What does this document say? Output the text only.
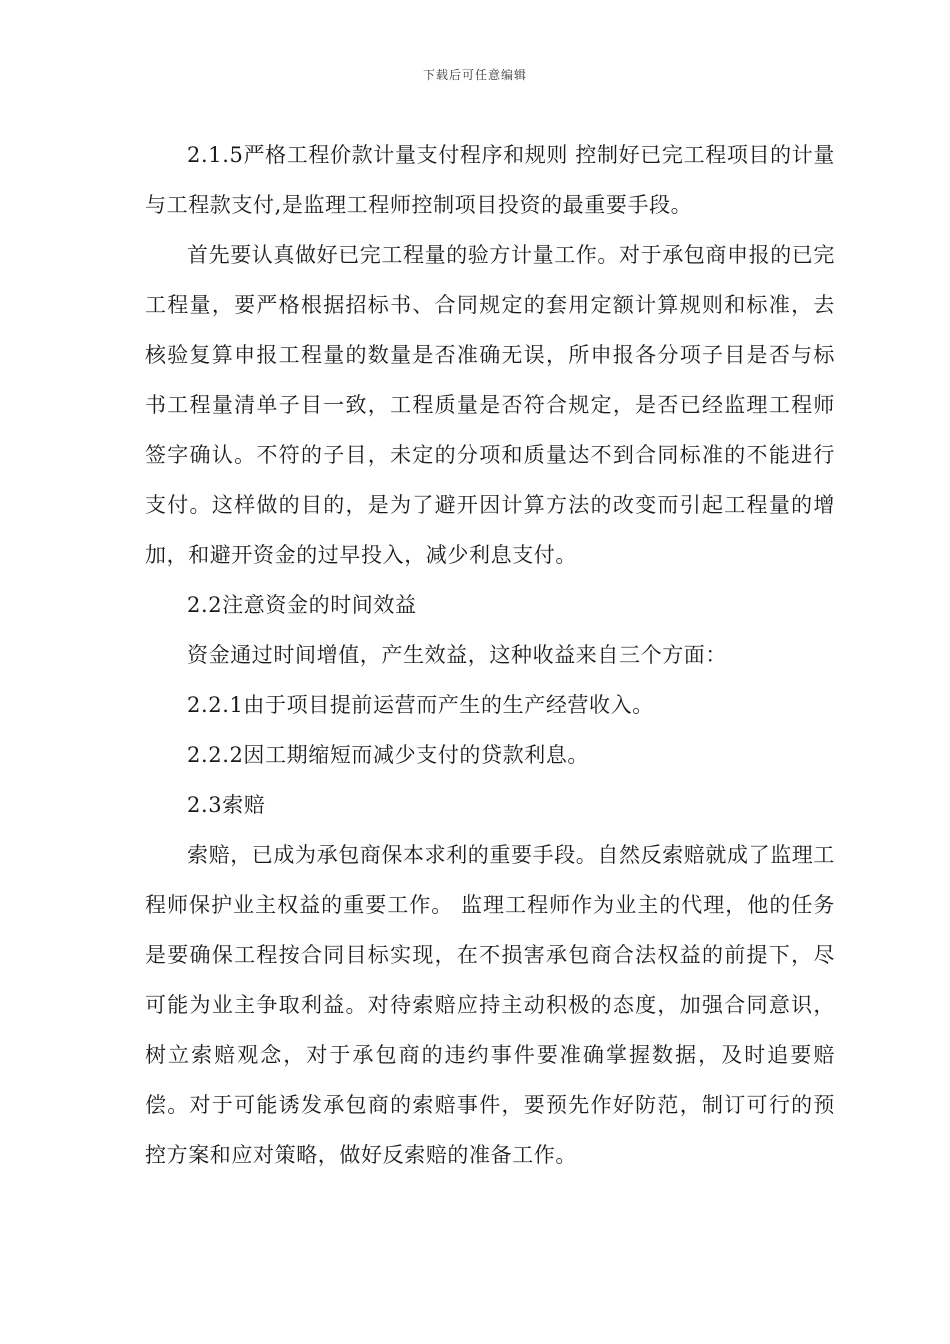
下载后可任意编辑

2.1.5严格工程价款计量支付程序和规则 控制好已完工程项目的计量与工程款支付,是监理工程师控制项目投资的最重要手段。

首先要认真做好已完工程量的验方计量工作。对于承包商申报的已完工程量，要严格根据招标书、合同规定的套用定额计算规则和标准，去核验复算申报工程量的数量是否准确无误，所申报各分项子目是否与标书工程量清单子目一致，工程质量是否符合规定，是否已经监理工程师签字确认。不符的子目，未定的分项和质量达不到合同标准的不能进行支付。这样做的目的，是为了避开因计算方法的改变而引起工程量的增加，和避开资金的过早投入，减少利息支付。

2.2注意资金的时间效益

资金通过时间增值，产生效益，这种收益来自三个方面：

2.2.1由于项目提前运营而产生的生产经营收入。

2.2.2因工期缩短而减少支付的贷款利息。

2.3索赔

索赔，已成为承包商保本求利的重要手段。自然反索赔就成了监理工程师保护业主权益的重要工作。 监理工程师作为业主的代理，他的任务是要确保工程按合同目标实现，在不损害承包商合法权益的前提下，尽可能为业主争取利益。对待索赔应持主动积极的态度，加强合同意识，树立索赔观念，对于承包商的违约事件要准确掌握数据，及时追要赔偿。对于可能诱发承包商的索赔事件，要预先作好防范，制订可行的预控方案和应对策略，做好反索赔的准备工作。
